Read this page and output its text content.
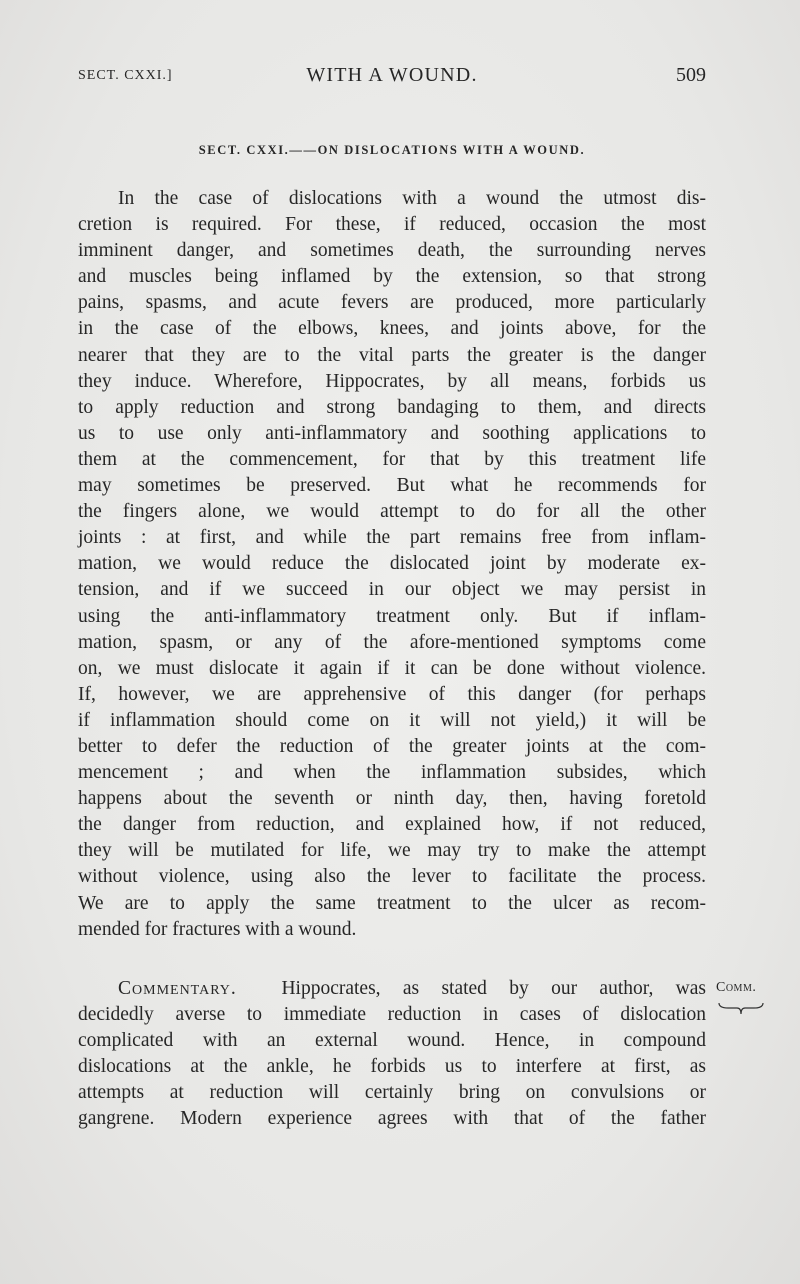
SECT. CXXI.]	WITH A WOUND.	509
SECT. CXXI.——ON DISLOCATIONS WITH A WOUND.
In the case of dislocations with a wound the utmost dis-
cretion is required. For these, if reduced, occasion the most
imminent danger, and sometimes death, the surrounding nerves
and muscles being inflamed by the extension, so that strong
pains, spasms, and acute fevers are produced, more particularly
in the case of the elbows, knees, and joints above, for the
nearer that they are to the vital parts the greater is the danger
they induce. Wherefore, Hippocrates, by all means, forbids us
to apply reduction and strong bandaging to them, and directs
us to use only anti-inflammatory and soothing applications to
them at the commencement, for that by this treatment life
may sometimes be preserved. But what he recommends for
the fingers alone, we would attempt to do for all the other
joints : at first, and while the part remains free from inflam-
mation, we would reduce the dislocated joint by moderate ex-
tension, and if we succeed in our object we may persist in
using the anti-inflammatory treatment only. But if inflam-
mation, spasm, or any of the afore-mentioned symptoms come
on, we must dislocate it again if it can be done without violence.
If, however, we are apprehensive of this danger (for perhaps
if inflammation should come on it will not yield,) it will be
better to defer the reduction of the greater joints at the com-
mencement ; and when the inflammation subsides, which
happens about the seventh or ninth day, then, having foretold
the danger from reduction, and explained how, if not reduced,
they will be mutilated for life, we may try to make the attempt
without violence, using also the lever to facilitate the process.
We are to apply the same treatment to the ulcer as recom-
mended for fractures with a wound.
Commentary. Hippocrates, as stated by our author, was
decidedly averse to immediate reduction in cases of dislocation
complicated with an external wound. Hence, in compound
dislocations at the ankle, he forbids us to interfere at first, as
attempts at reduction will certainly bring on convulsions or
gangrene. Modern experience agrees with that of the father
Comm.
